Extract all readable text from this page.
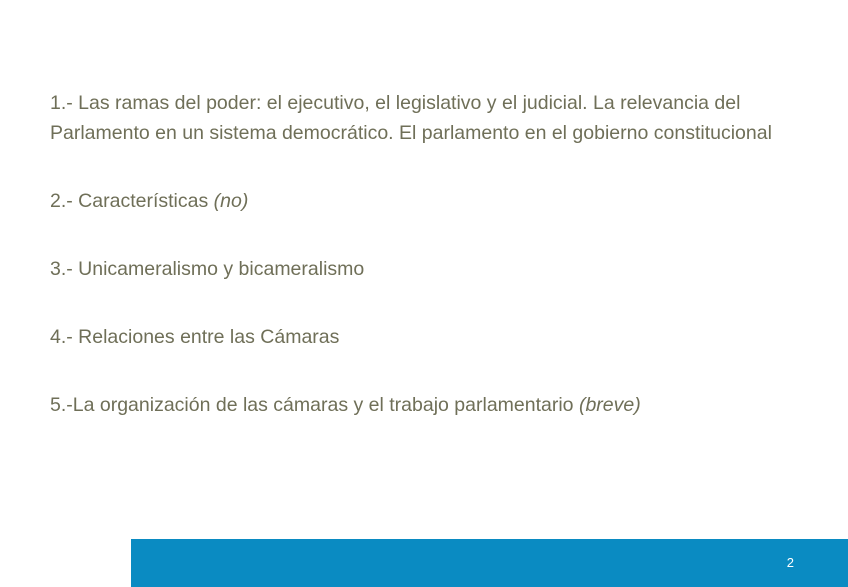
1.- Las ramas del poder: el ejecutivo, el legislativo y el judicial. La relevancia del Parlamento en un sistema democrático. El parlamento en el gobierno constitucional
2.- Características (no)
3.- Unicameralismo y bicameralismo
4.- Relaciones entre las Cámaras
5.-La organización de las cámaras y el trabajo parlamentario (breve)
2
